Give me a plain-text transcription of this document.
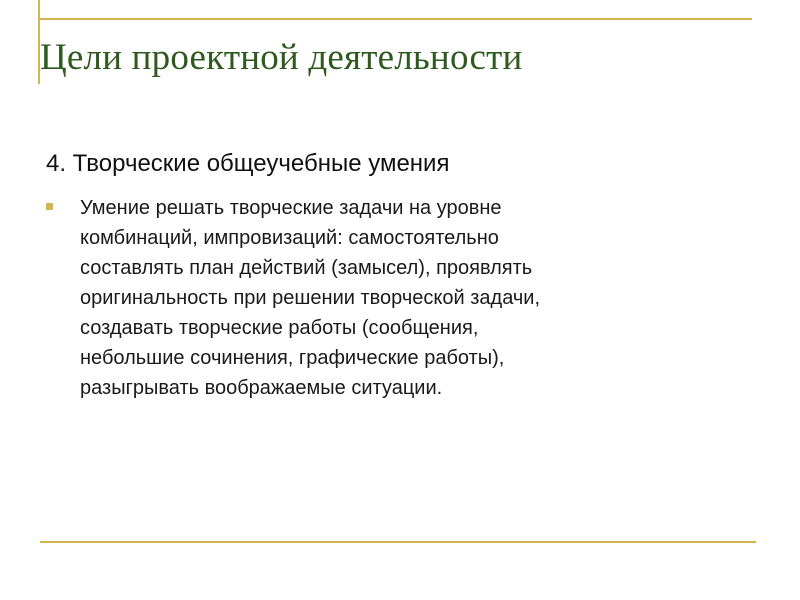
Цели проектной деятельности
4. Творческие общеучебные умения

Умение решать творческие задачи на уровне
комбинаций, импровизаций: самостоятельно
составлять план действий (замысел), проявлять
оригинальность при решении творческой задачи,
создавать творческие работы (сообщения,
небольшие сочинения, графические работы),
разыгрывать воображаемые ситуации.
